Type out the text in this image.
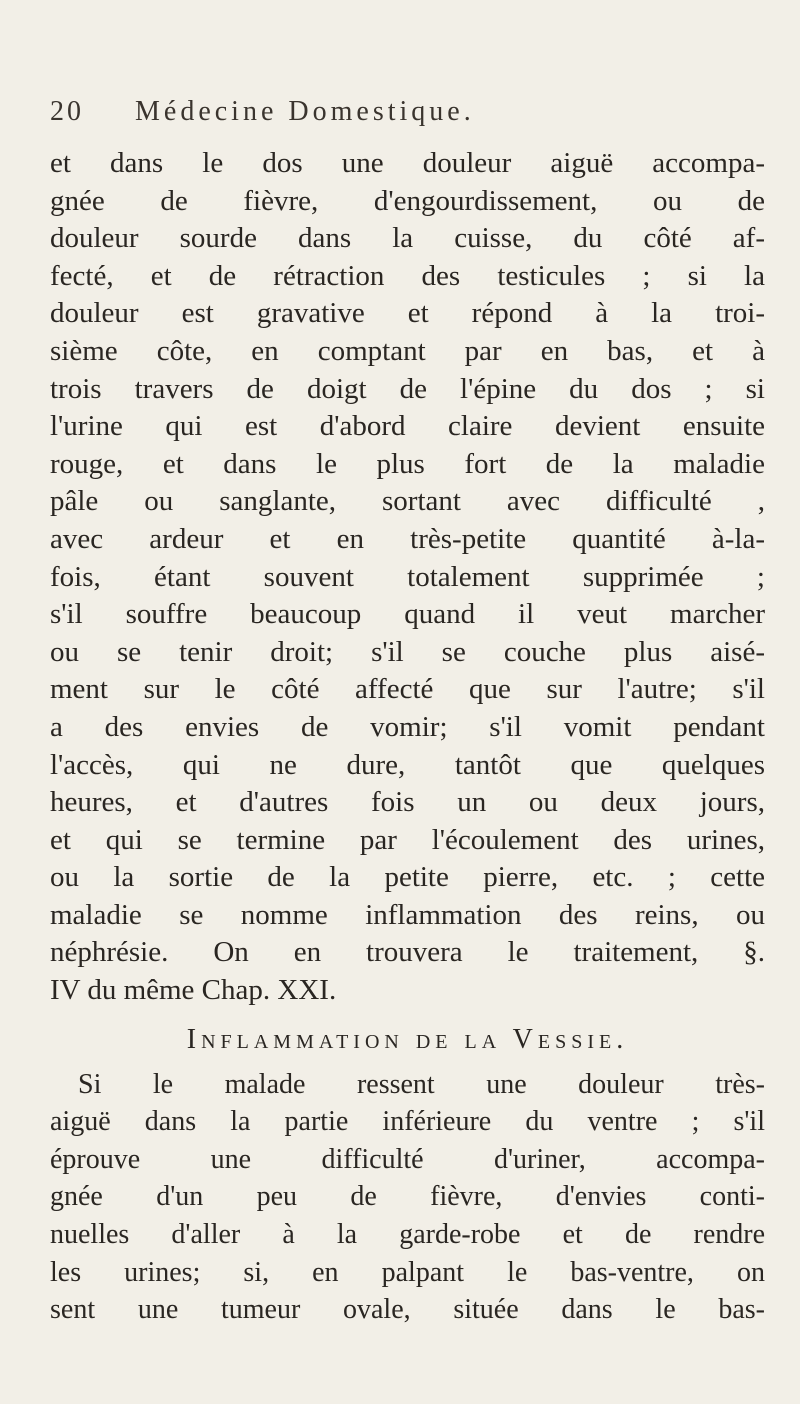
20 Médecine Domestique.
et dans le dos une douleur aiguë accompa-
gnée de fièvre, d'engourdissement, ou de
douleur sourde dans la cuisse, du côté af-
fecté, et de rétraction des testicules ; si la
douleur est gravative et répond à la troi-
sième côte, en comptant par en bas, et à
trois travers de doigt de l'épine du dos ; si
l'urine qui est d'abord claire devient ensuite
rouge, et dans le plus fort de la maladie
pâle ou sanglante, sortant avec difficulté ,
avec ardeur et en très-petite quantité à-la-
fois, étant souvent totalement supprimée ;
s'il souffre beaucoup quand il veut marcher
ou se tenir droit; s'il se couche plus aisé-
ment sur le côté affecté que sur l'autre; s'il
a des envies de vomir; s'il vomit pendant
l'accès, qui ne dure, tantôt que quelques
heures, et d'autres fois un ou deux jours,
et qui se termine par l'écoulement des urines,
ou la sortie de la petite pierre, etc. ; cette
maladie se nomme inflammation des reins, ou
néphrésie. On en trouvera le traitement, §.
IV du même Chap. XXI.
Inflammation de la Vessie.
Si le malade ressent une douleur très-
aiguë dans la partie inférieure du ventre ; s'il
éprouve une difficulté d'uriner, accompa-
gnée d'un peu de fièvre, d'envies conti-
nuelles d'aller à la garde-robe et de rendre
les urines; si, en palpant le bas-ventre, on
sent une tumeur ovale, située dans le bas-
